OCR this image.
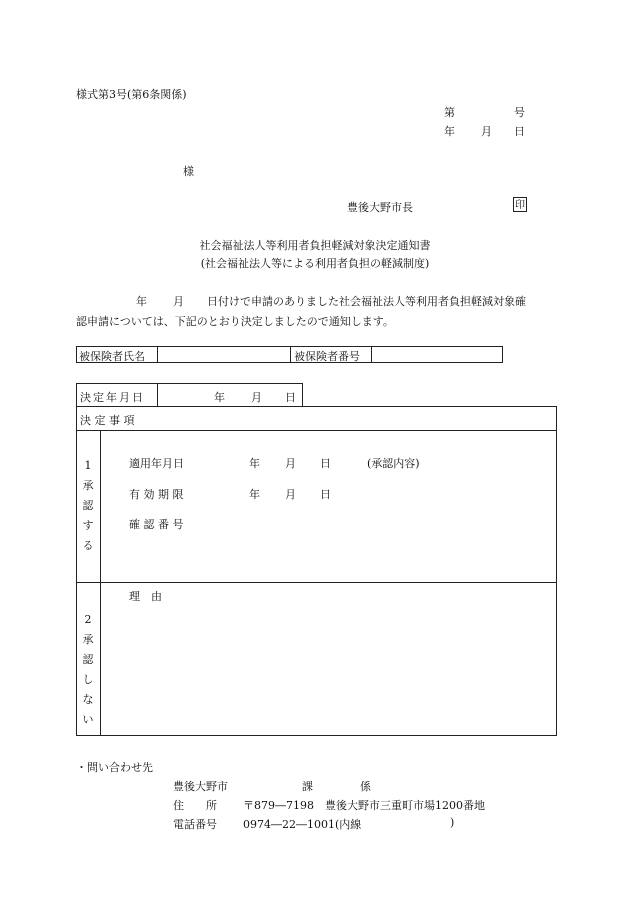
様式第3号(第6条関係)
第	号
年 月 日
様
豊後大野市長	印
社会福祉法人等利用者負担軽減対象決定通知書
(社会福祉法人等による利用者負担の軽減制度)
年 月 日付けで申請のありました社会福祉法人等利用者負担軽減対象確
認申請については、下記のとおり決定しましたので通知します。
被保険者氏名	被保険者番号
決定年月日	年 月 日
決 定 事 項
1
承
認
す
る
適用年月日	年 月 日	(承認内容)
有 効 期 限	年 月 日
確 認 番 号
2
承
認
し
な
い
理　由
・問い合わせ先
豊後大野市	課	係
住　　所 〒879―7198　豊後大野市三重町市場1200番地
電話番号 0974―22―1001(内線	)
